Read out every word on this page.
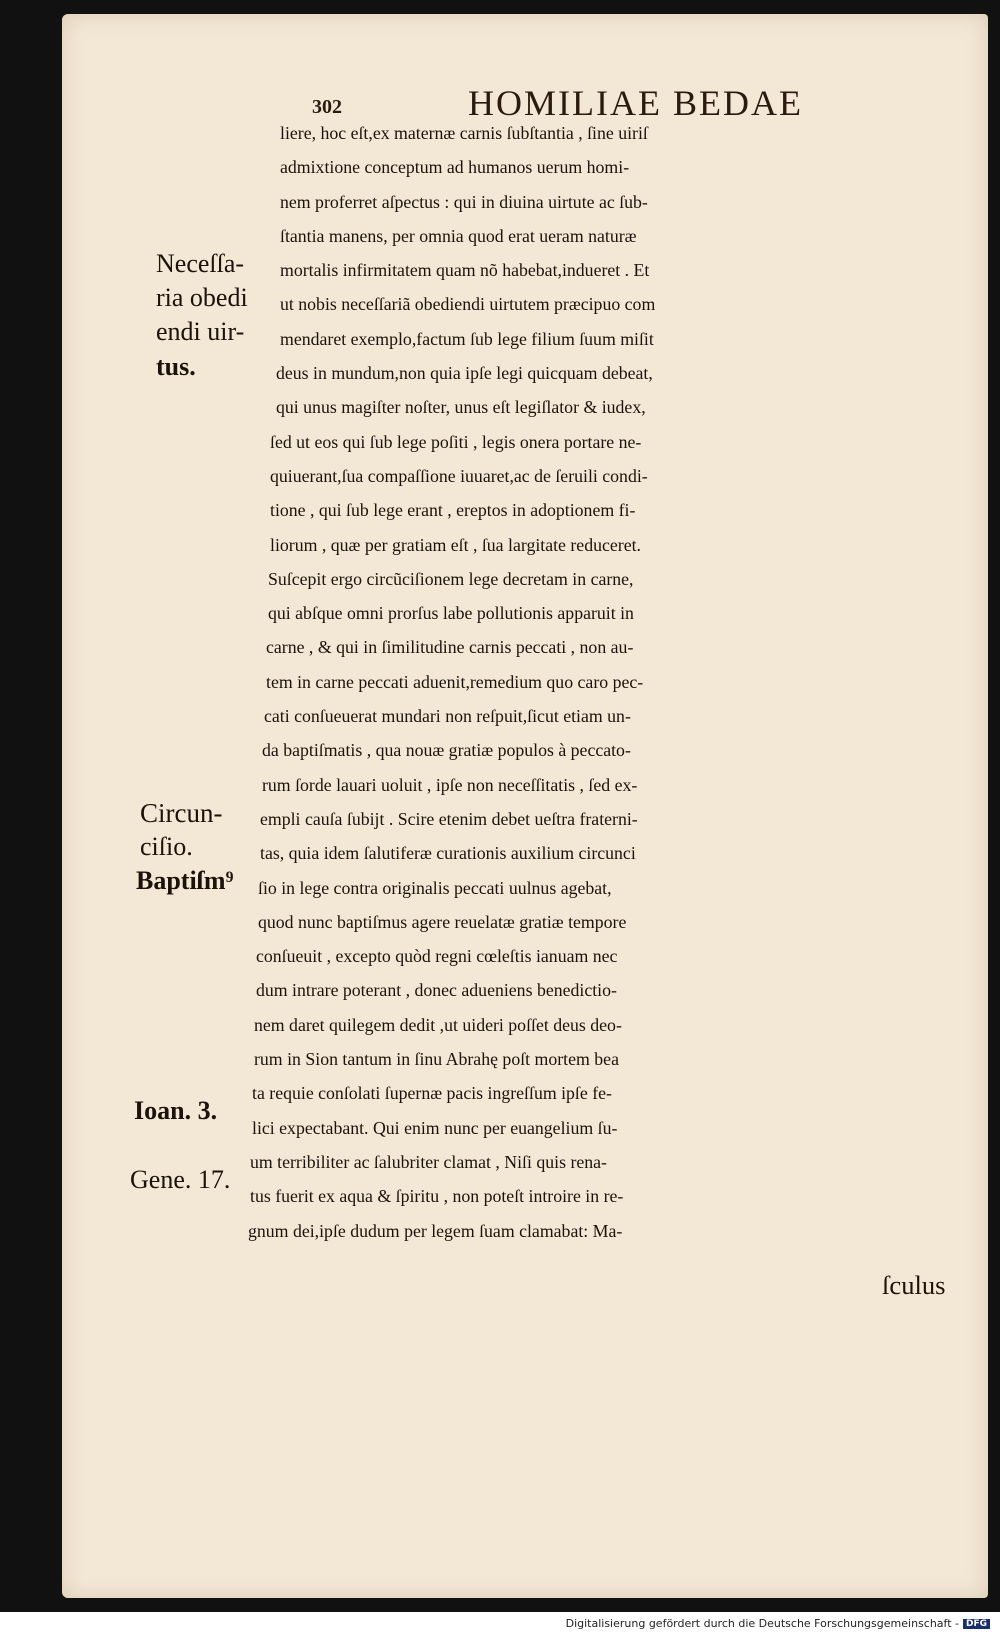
302	HOMILIAE BEDAE
liere, hoc eſt,ex maternæ carnis ſubſtantia , ſine uiriſ
admixtione conceptum ad humanos uerum homi-
nem proferret aſpectus : qui in diuina uirtute ac ſub-
ſtantia manens, per omnia quod erat ueram naturæ
mortalis infirmitatem quam nõ habebat,indueret . Et
ut nobis neceſſariã obediendi uirtutem præcipuo com
mendaret exemplo,factum ſub lege filium ſuum miſit
deus in mundum,non quia ipſe legi quicquam debeat,
qui unus magiſter noſter, unus eſt legiſlator & iudex,
ſed ut eos qui ſub lege poſiti , legis onera portare ne-
quiuerant,ſua compaſſione iuuaret,ac de ſeruili condi-
tione , qui ſub lege erant , ereptos in adoptionem fi-
liorum , quæ per gratiam eſt , ſua largitate reduceret.
Suſcepit ergo circũciſionem lege decretam in carne,
qui abſque omni prorſus labe pollutionis apparuit in
carne , & qui in ſimilitudine carnis peccati , non au-
tem in carne peccati aduenit,remedium quo caro pec-
cati conſueuerat mundari non reſpuit,ſicut etiam un-
da baptiſmatis , qua nouæ gratiæ populos à peccato-
rum ſorde lauari uoluit , ipſe non neceſſitatis , ſed ex-
empli cauſa ſubijt . Scire etenim debet ueſtra fraterni-
tas, quia idem ſalutiferæ curationis auxilium circunci
ſio in lege contra originalis peccati uulnus agebat,
quod nunc baptiſmus agere reuelatæ gratiæ tempore
conſueuit , excepto quòd regni cœleſtis ianuam nec
dum intrare poterant , donec adueniens benedictio-
nem daret quilegem dedit ,ut uideri poſſet deus deo-
rum in Sion tantum in ſinu Abrahę poſt mortem bea
ta requie conſolati ſupernæ pacis ingreſſum ipſe fe-
lici expectabant. Qui enim nunc per euangelium ſu-
um terribiliter ac ſalubriter clamat , Niſi quis rena-
tus fuerit ex aqua & ſpiritu , non poteſt introire in re-
gnum dei,ipſe dudum per legem ſuam clamabat: Ma-
Neceſſa-
ria obedi
endi uir-
tus.
Circun-
ciſio.
Baptiſm⁹
Ioan. 3.
Gene. 17.
ſculus
Digitalisierung gefördert durch die Deutsche Forschungsgemeinschaft - DFG
